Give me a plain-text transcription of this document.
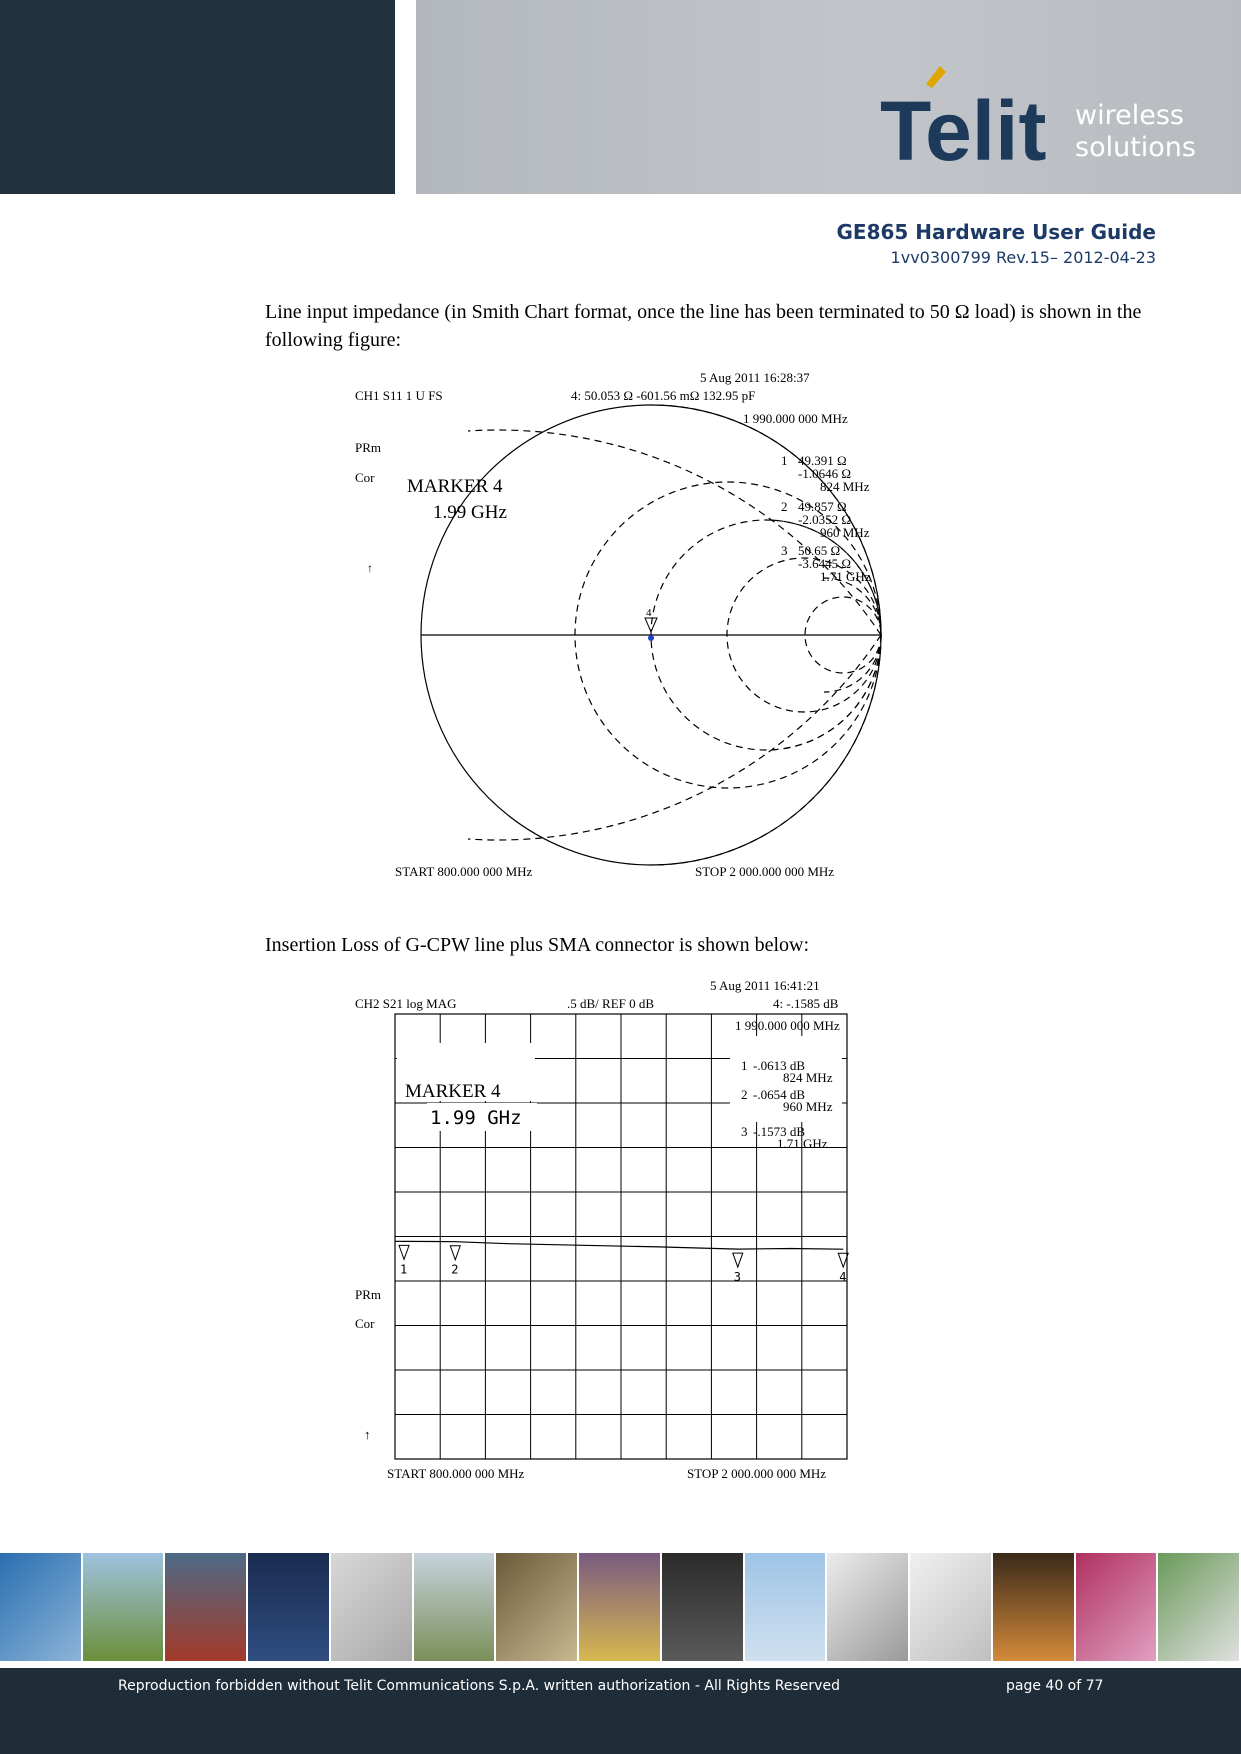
Telit wireless
solutions
GE865 Hardware User Guide
1vv0300799 Rev.15– 2012-04-23
Line input impedance (in Smith Chart format, once the line has been terminated to 50 Ω load) is shown in the following figure:
CH1 S11 1 U FS	4: 50.053 Ω -601.56 mΩ 132.95 pF
5 Aug 2011 16:28:37
1 990.000 000 MHz
PRm
Cor MARKER 4
1.99 GHz
49.391 Ω
-1.0646 Ω
824 MHz
49.857 Ω
-2.0352 Ω
960 MHz
50.65 Ω
-3.6445 Ω
1.71 GHz
1
2
3
START 800.000 000 MHz	STOP 2 000.000 000 MHz
4
↑
Insertion Loss of G-CPW line plus SMA connector is shown below:
CH2 S21 log MAG	.5 dB/ REF 0 dB	4: -.1585 dB
5 Aug 2011 16:41:21
1 990.000 000 MHz
PRm
Cor
↑
START 800.000 000 MHz	STOP 2 000.000 000 MHz
MARKER 4
1 -.0613 dB
824 MHz
2 -.0654 dB
960 MHz
3 -.1573 dB
1.71 GHz
1.99 GHz
1	2
3	4
Reproduction forbidden without Telit Communications S.p.A. written authorization - All Rights Reserved	page 40 of 77
